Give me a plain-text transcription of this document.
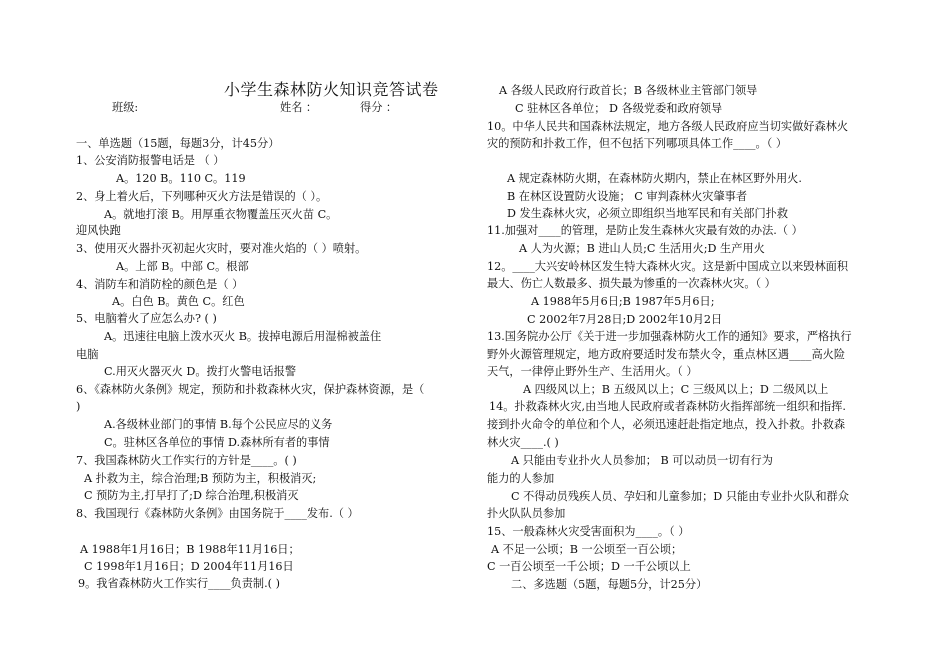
小学生森林防火知识竞答试卷
班级:	姓名 ：	得分 ：
一、单选题（15题，每题3分，计45分）
1、公安消防报警电话是 （ ）
A。120 B。110 C。119
2、身上着火后，下列哪种灭火方法是错误的（ ）。
A。就地打滚 B。用厚重衣物覆盖压灭火苗 C。
迎风快跑
3、使用灭火器扑灭初起火灾时，要对准火焰的（ ）喷射。
A。上部 B。中部 C。根部
4、消防车和消防栓的颜色是（ ）
A。白色 B。黄色 C。红色
5、电脑着火了应怎么办? ( )
A。迅速往电脑上泼水灭火 B。拔掉电源后用湿棉被盖住
电脑
C.用灭火器灭火 D。拨打火警电话报警
6、《森林防火条例》规定，预防和扑救森林火灾，保护森林资源，是（
)
A.各级林业部门的事情 B.每个公民应尽的义务
C。驻林区各单位的事情 D.森林所有者的事情
7、我国森林防火工作实行的方针是____。( )
A 扑救为主，综合治理;B 预防为主，积极消灭;
C 预防为主,打早打了;D 综合治理,积极消灭
8、我国现行《森林防火条例》由国务院于____发布.（ ）
A 1988年1月16日；B 1988年11月16日；
C 1998年1月16日；D 2004年11月16日
9。我省森林防火工作实行____负责制.( )
A 各级人民政府行政首长；B 各级林业主管部门领导
C 驻林区各单位； D 各级党委和政府领导
10。中华人民共和国森林法规定，地方各级人民政府应当切实做好森林火
灾的预防和扑救工作，但不包括下列哪项具体工作____。（ ）
A 规定森林防火期，在森林防火期内，禁止在林区野外用火.
B 在林区设置防火设施； C 审判森林火灾肇事者
D 发生森林火灾，必须立即组织当地军民和有关部门扑救
11.加强对____的管理，是防止发生森林火灾最有效的办法.（ ）
A 人为火源；B 进山人员;C 生活用火;D 生产用火
12。____大兴安岭林区发生特大森林火灾。这是新中国成立以来毁林面积
最大、伤亡人数最多、损失最为惨重的一次森林火灾。（ ）
A 1988年5月6日;B 1987年5月6日;
C 2002年7月28日;D 2002年10月2日
13.国务院办公厅《关于进一步加强森林防火工作的通知》要求，严格执行
野外火源管理规定，地方政府要适时发布禁火令，重点林区遇____高火险
天气，一律停止野外生产、生活用火。（ ）
A 四级风以上；B 五级风以上；C 三级风以上；D 二级风以上
14。扑救森林火灾,由当地人民政府或者森林防火指挥部统一组织和指挥.
接到扑火命令的单位和个人，必须迅速赶赴指定地点，投入扑救。扑救森
林火灾____.( )
A 只能由专业扑火人员参加； B 可以动员一切有行为
能力的人参加
C 不得动员残疾人员、孕妇和儿童参加；D 只能由专业扑火队和群众
扑火队队员参加
15、一般森林火灾受害面积为____。（ ）
A 不足一公顷；B 一公顷至一百公顷；
C 一百公顷至一千公顷；D 一千公顷以上
二、多选题（5题，每题5分，计25分）
